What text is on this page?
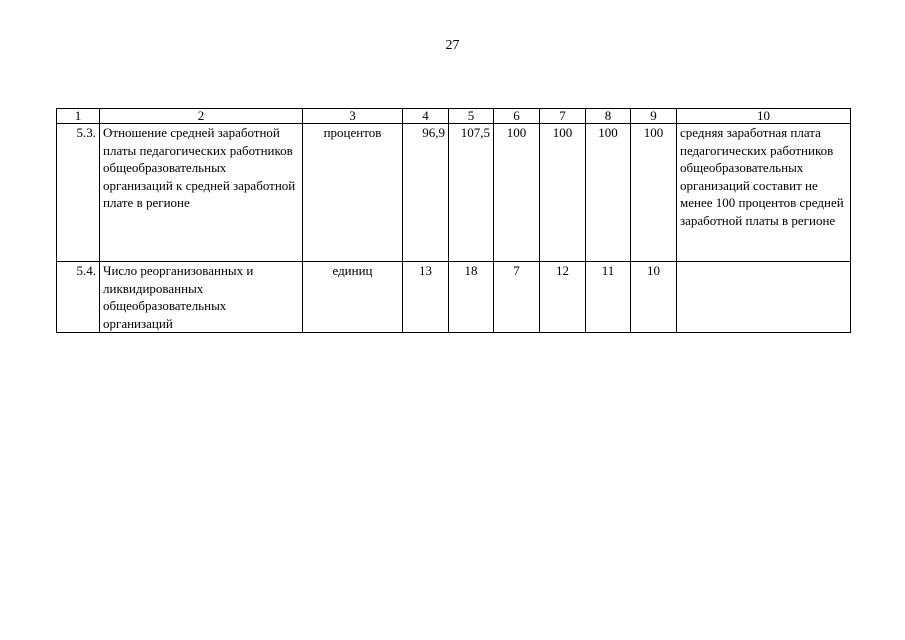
27
1	2	3	4	5	6	7	8	9	10
5.3.	Отношение средней заработной платы педагогических работников общеобразовательных организаций к средней заработной плате в регионе	процентов	96,9	107,5	100	100	100	100	средняя заработная плата педагогических работников общеобразовательных организаций составит не менее 100 процентов средней заработной платы в регионе
5.4.	Число реорганизованных и ликвидированных общеобразовательных организаций	единиц	13	18	7	12	11	10	
